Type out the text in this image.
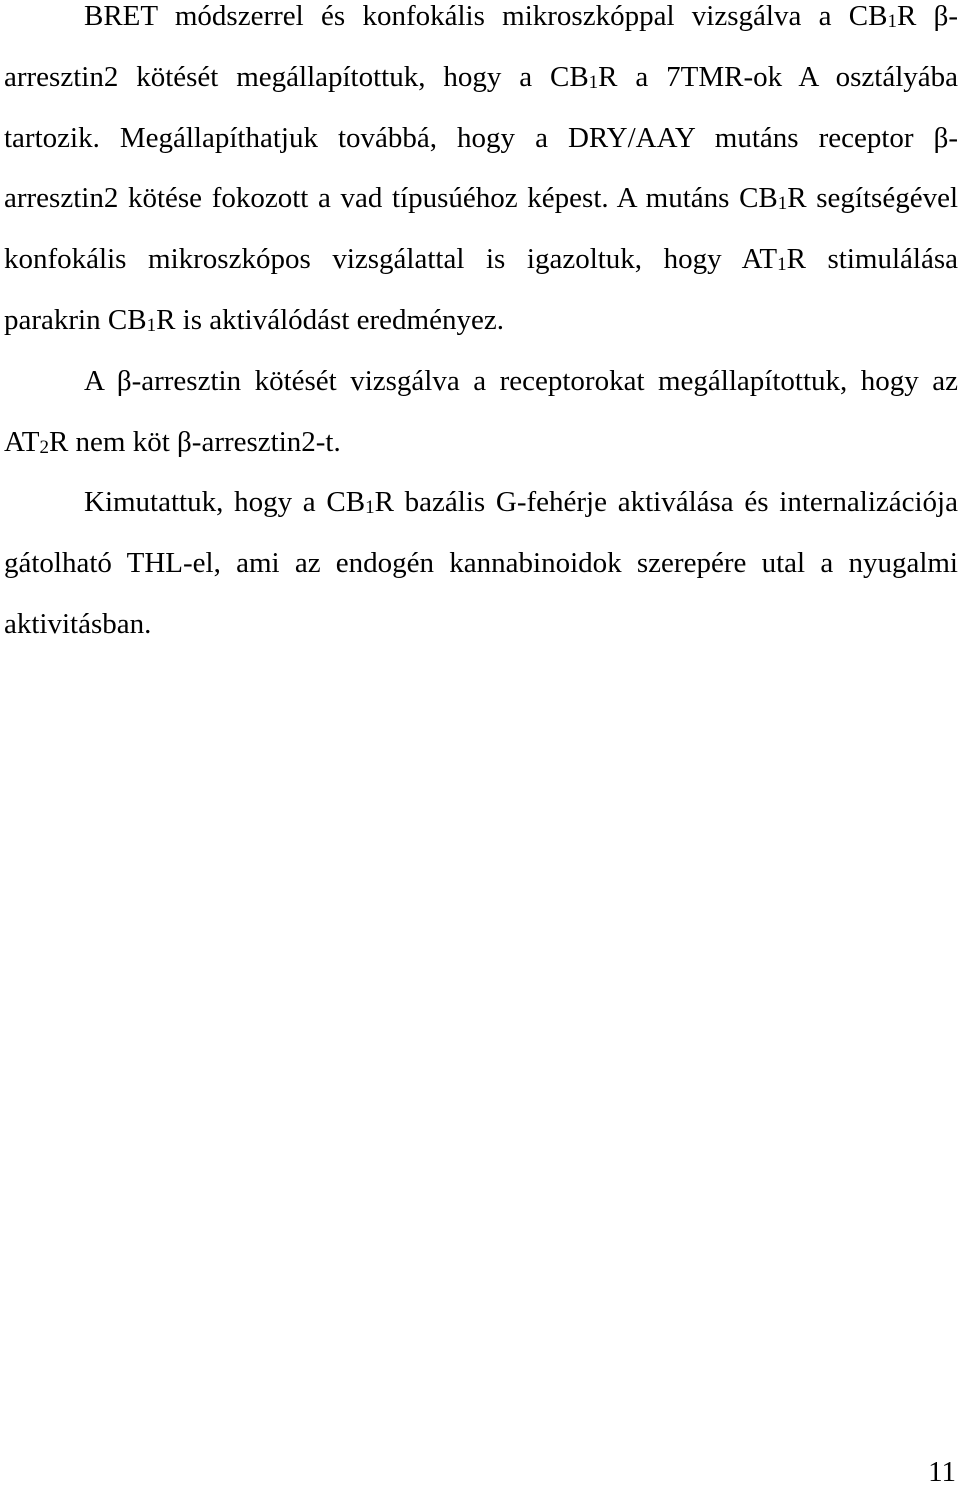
BRET módszerrel és konfokális mikroszkóppal vizsgálva a $CB_1R$ β-arresztin2 kötését megállapítottuk, hogy a $CB_1R$ a 7TMR-ok A osztályába tartozik. Megállapíthatjuk továbbá, hogy a DRY/AAY mutáns receptor β-arresztin2 kötése fokozott a vad típusúéhoz képest. A mutáns $CB_1R$ segítségével konfokális mikroszkópos vizsgálattal is igazoltuk, hogy $AT_1R$ stimulálása parakrin $CB_1R$ is aktiválódást eredményez.

A β-arresztin kötését vizsgálva a receptorokat megállapítottuk, hogy az $AT_2R$ nem köt β-arresztin2-t.

Kimutattuk, hogy a $CB_1R$ bazális G-fehérje aktiválása és internalizációja gátolható THL-el, ami az endogén kannabinoidok szerepére utal a nyugalmi aktivitásban.

11
